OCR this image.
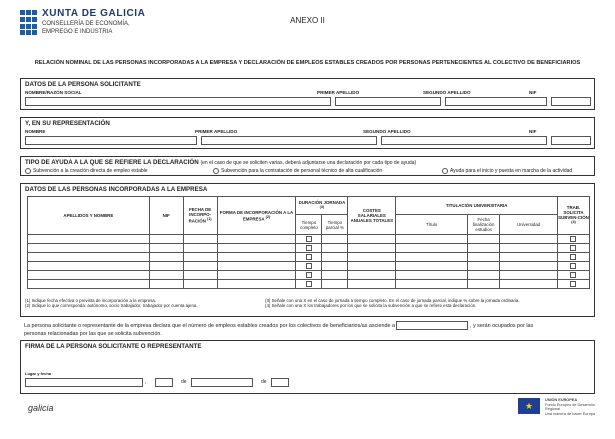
XUNTA DE GALICIA
CONSELLERÍA DE ECONOMÍA,
EMPREGO E INDUSTRIA
ANEXO II
RELACIÓN NOMINAL DE LAS PERSONAS INCORPORADAS A LA EMPRESA Y DECLARACIÓN DE EMPLEOS ESTABLES CREADOS POR PERSONAS PERTENECIENTES AL COLECTIVO DE BENEFICIARIOS
DATOS DE LA PERSONA SOLICITANTE
NOMBRE/RAZÓN SOCIAL	PRIMER APELLIDO	SEGUNDO APELLIDO	NIF
Y, EN SU REPRESENTACIÓN
NOMBRE	PRIMER APELLIDO	SEGUNDO APELLIDO	NIF
TIPO DE AYUDA A LA QUE SE REFIERE LA DECLARACIÓN (en el caso de que se soliciten varias, deberá adjuntarse una declaración por cada tipo de ayuda)
Subvención a la creación directa de empleo estable	Subvención para la contratación de personal técnico de alta cualificación	Ayuda para el inicio y puesta en marcha de la actividad
DATOS DE LAS PERSONAS INCORPORADAS A LA EMPRESA
APELLIDOS Y NOMBRE	NIF	FECHA DE INCORPO-RACIÓN $^{(1)}$	FORMA DE INCORPORACIÓN A LA EMPRESA $^{(2)}$	DURACIÓN JORNADA $^{(3)}$		COSTES SALARIALES ANUALES TOTALES	TITULACIÓN UNIVERSITARIA			TRAB. SOLICITA SUBVEN-CIÓN $^{(4)}$
				Tiempo completo	Tiempo parcial %		Título	Fecha finalización estudios	Universidad	

(1) Indique fecha efectiva o prevista de incorporación a la empresa.
(2) Indique lo que corresponda: autónomo, socio trabajador, trabajador por cuenta ajena.
(3) Señale con una X en el caso de jornada a tiempo completo. En el caso de jornada parcial, indique % sobre la jornada ordinaria.
(4) Señale con una X los trabajadores por los que se solicita la subvención a que se refiere esta declaración.
La persona solicitante o representante de la empresa declara que el número de empleos estables creados por los colectivos de beneficiarios/as asciende a	, y serán ocupados por las
personas relacionadas por las que se solicita subvención.
FIRMA DE LA PERSONA SOLICITANTE O REPRESENTANTE
Lugar y fecha
,	de	de
galicia	★
UNIÓN EUROPEA
Fondo Europeo de Desarrollo Regional
Una manera de hacer Europa
